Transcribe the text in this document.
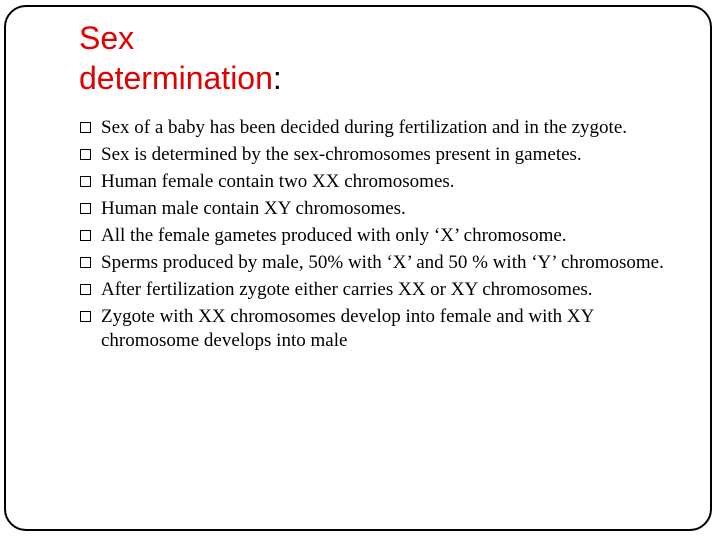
Sex
determination:
Sex of a baby has been decided during fertilization and in the zygote.
Sex is determined by the sex-chromosomes present in gametes.
Human female contain two XX chromosomes.
Human male contain XY chromosomes.
All the female gametes produced with only ‘X’ chromosome.
Sperms produced by male, 50% with ‘X’ and 50 % with ‘Y’ chromosome.
After fertilization zygote either carries XX or XY chromosomes.
Zygote with XX chromosomes develop into female and with XY chromosome develops into male
